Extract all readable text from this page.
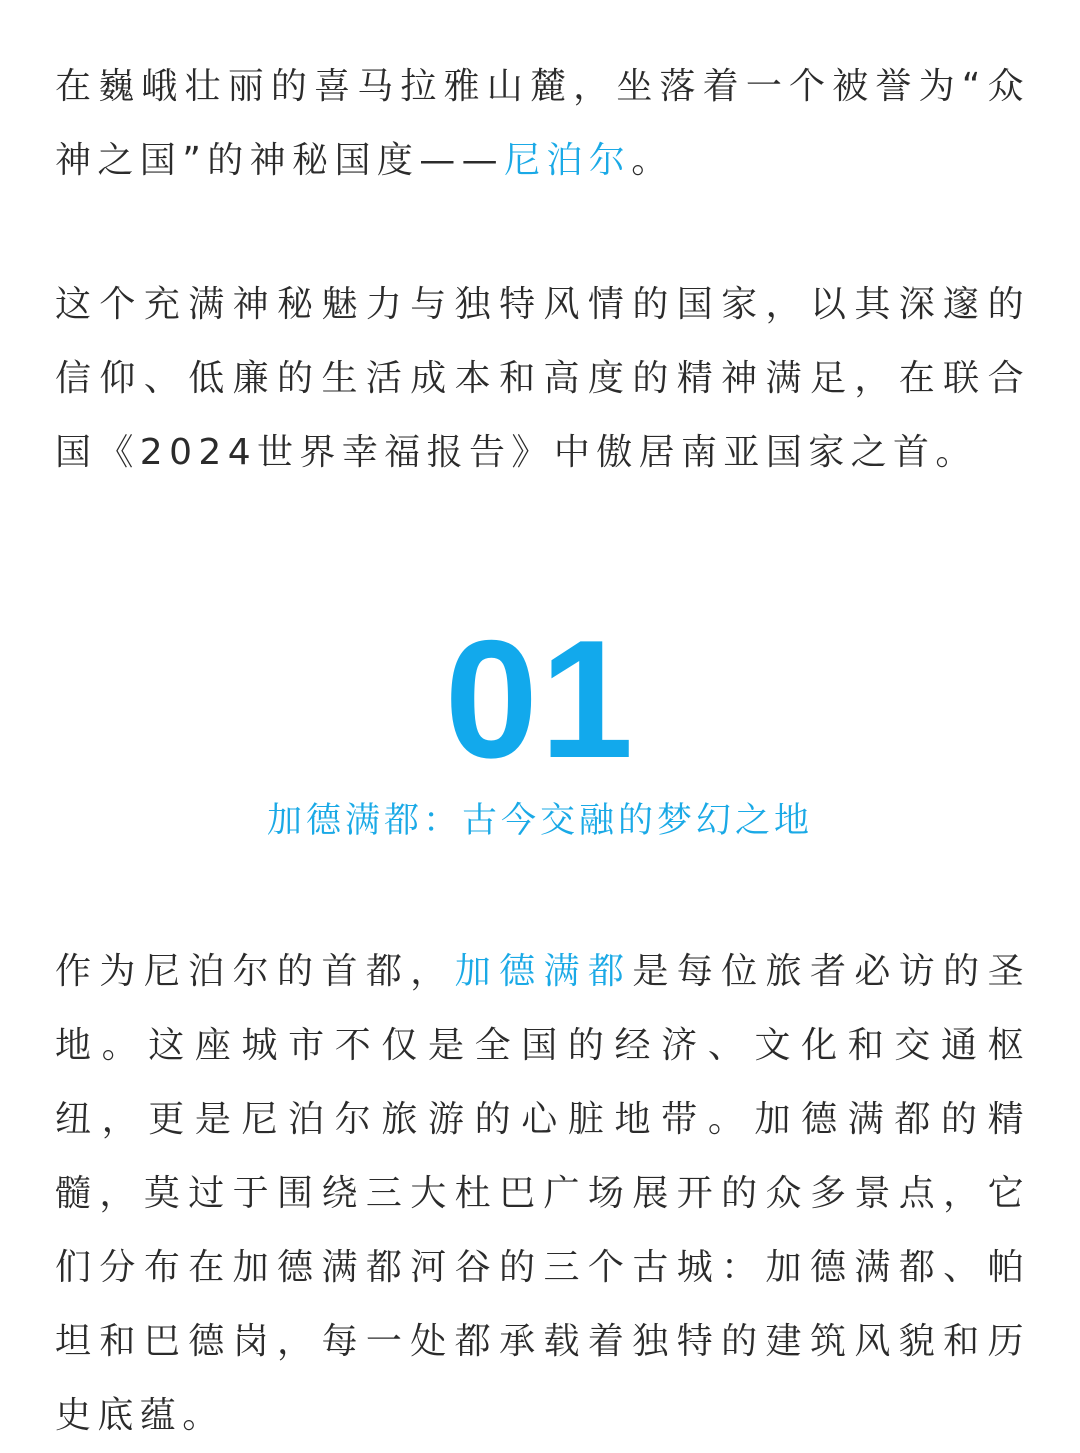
在巍峨壮丽的喜马拉雅山麓，坐落着一个被誉为“众神之国”的神秘国度——尼泊尔。

这个充满神秘魅力与独特风情的国家，以其深邃的信仰、低廉的生活成本和高度的精神满足，在联合国《2024世界幸福报告》中傲居南亚国家之首。

01
加德满都：古今交融的梦幻之地

作为尼泊尔的首都，加德满都是每位旅者必访的圣地。这座城市不仅是全国的经济、文化和交通枢纽，更是尼泊尔旅游的心脏地带。加德满都的精髓，莫过于围绕三大杜巴广场展开的众多景点，它们分布在加德满都河谷的三个古城：加德满都、帕坦和巴德岗，每一处都承载着独特的建筑风貌和历史底蕴。
